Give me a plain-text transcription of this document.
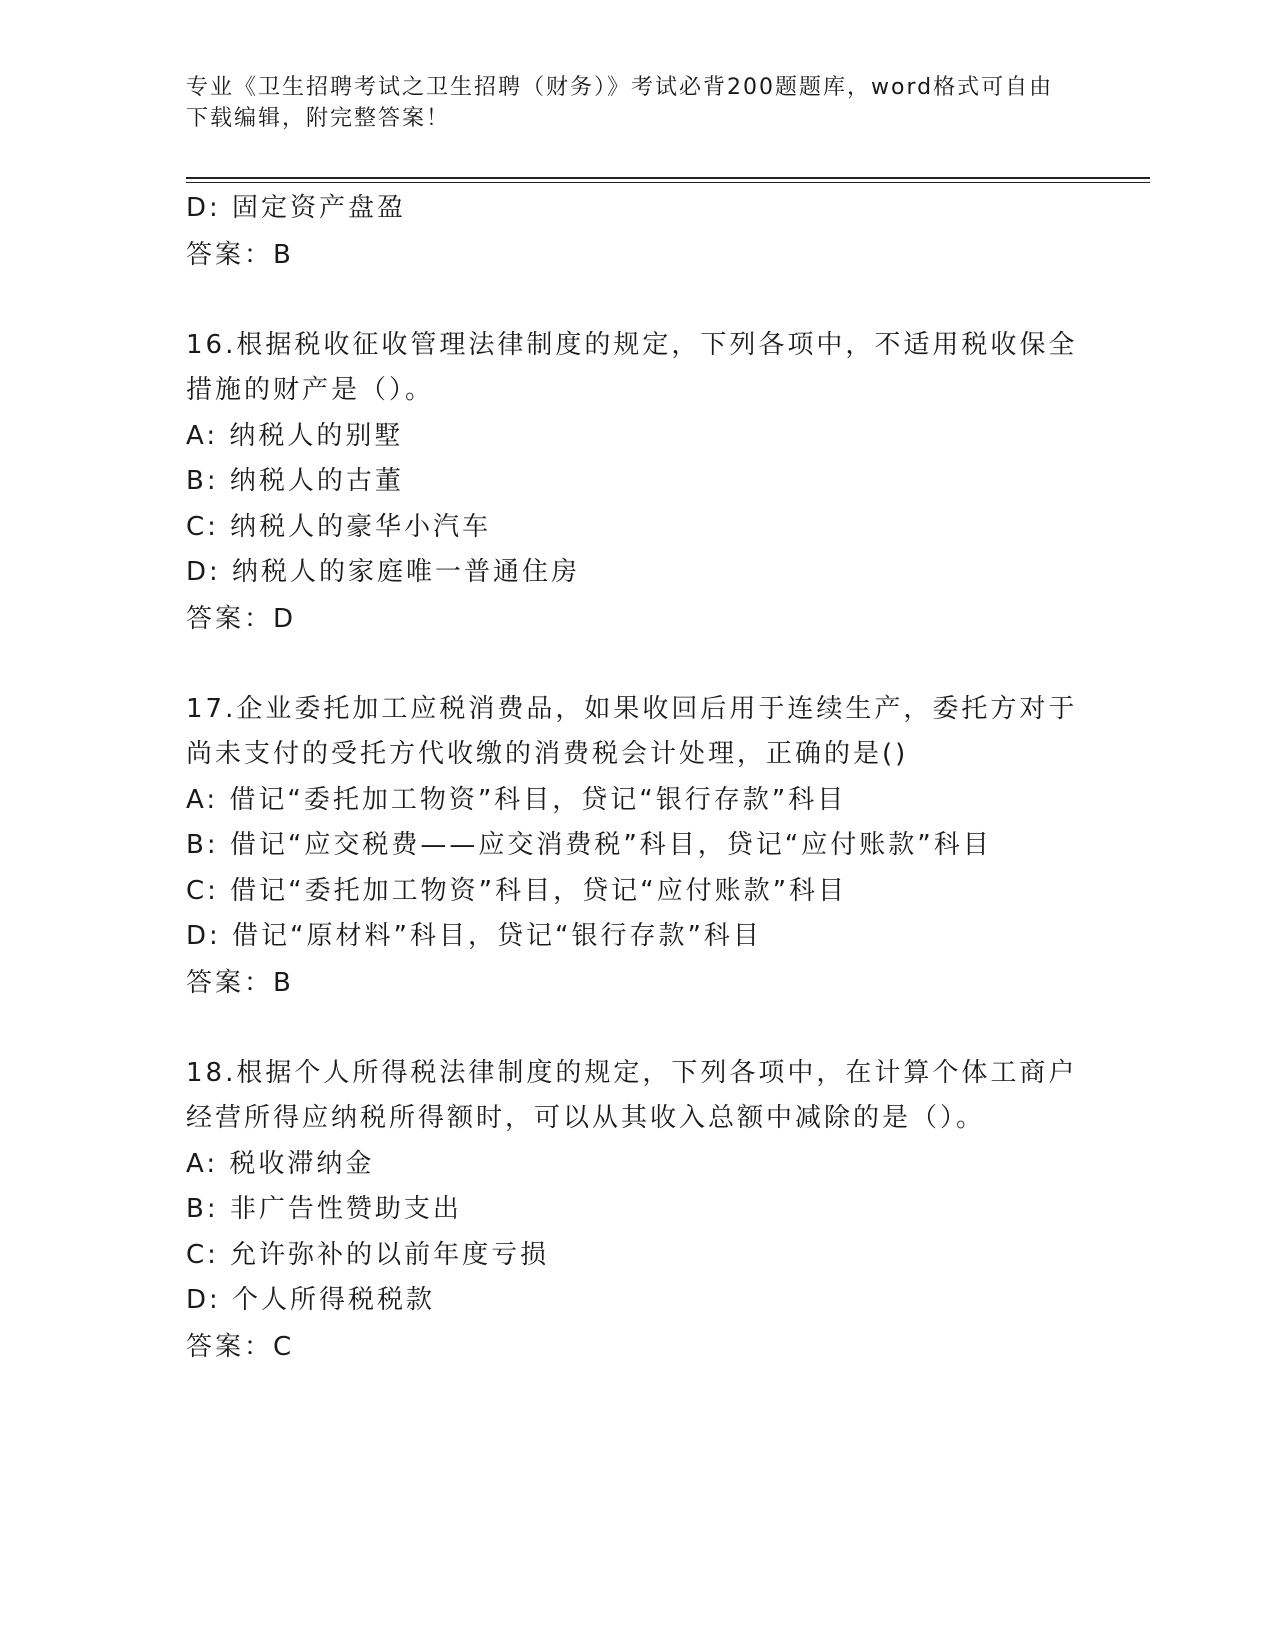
专业《卫生招聘考试之卫生招聘（财务）》考试必背200题题库，word格式可自由下载编辑，附完整答案！
D: 固定资产盘盈
答案：B
16.根据税收征收管理法律制度的规定，下列各项中，不适用税收保全
措施的财产是（）。
A: 纳税人的别墅
B: 纳税人的古董
C: 纳税人的豪华小汽车
D: 纳税人的家庭唯一普通住房
答案：D
17.企业委托加工应税消费品，如果收回后用于连续生产，委托方对于
尚未支付的受托方代收缴的消费税会计处理，正确的是()
A: 借记“委托加工物资”科目，贷记“银行存款”科目
B: 借记“应交税费——应交消费税”科目，贷记“应付账款”科目
C: 借记“委托加工物资”科目，贷记“应付账款”科目
D: 借记“原材料”科目，贷记“银行存款”科目
答案：B
18.根据个人所得税法律制度的规定，下列各项中，在计算个体工商户
经营所得应纳税所得额时，可以从其收入总额中减除的是（）。
A: 税收滞纳金
B: 非广告性赞助支出
C: 允许弥补的以前年度亏损
D: 个人所得税税款
答案：C
